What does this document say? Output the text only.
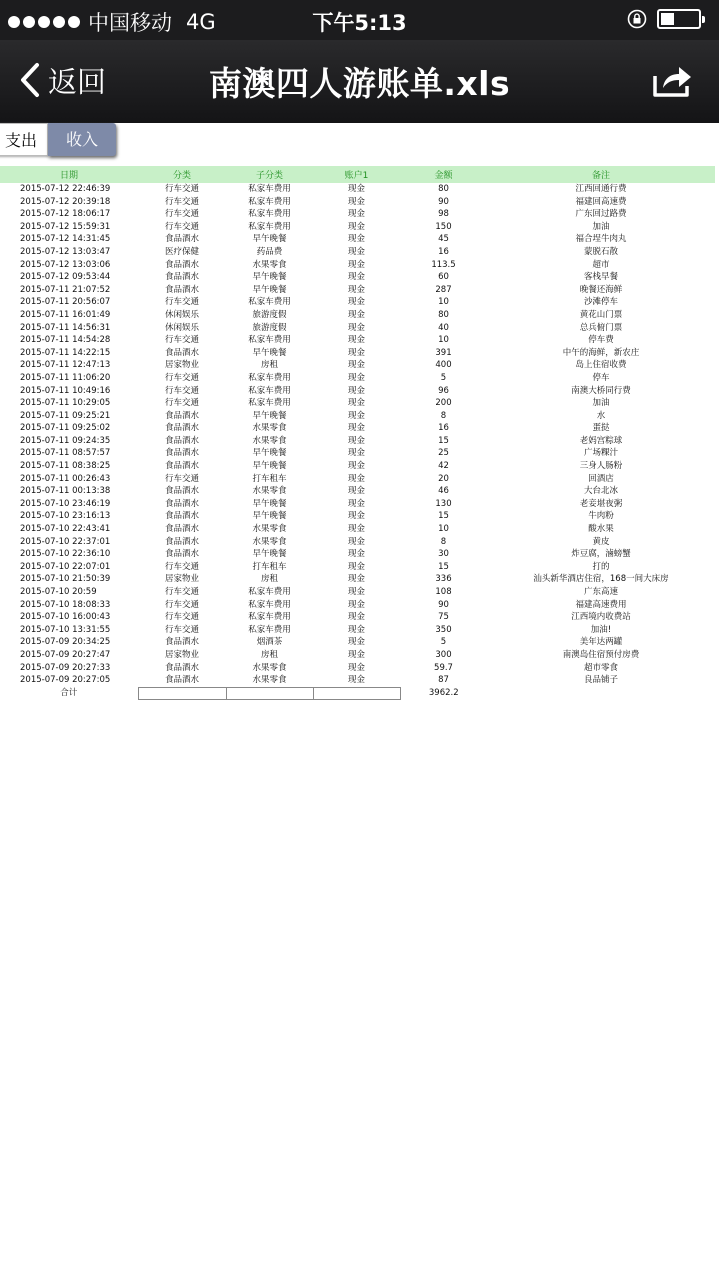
中国移动 4G	下午5:13
返回	南澳四人游账单.xls
支出	收入
日期	分类	子分类	账户1	金额	备注
2015-07-12 22:46:39	行车交通	私家车费用	现金	80	江西回通行费
2015-07-12 20:39:18	行车交通	私家车费用	现金	90	福建回高速费
2015-07-12 18:06:17	行车交通	私家车费用	现金	98	广东回过路费
2015-07-12 15:59:31	行车交通	私家车费用	现金	150	加油
2015-07-12 14:31:45	食品酒水	早午晚餐	现金	45	福合埕牛肉丸
2015-07-12 13:03:47	医疗保健	药品费	现金	16	蒙脱石散
2015-07-12 13:03:06	食品酒水	水果零食	现金	113.5	超市
2015-07-12 09:53:44	食品酒水	早午晚餐	现金	60	客栈早餐
2015-07-11 21:07:52	食品酒水	早午晚餐	现金	287	晚餐还海鲜
2015-07-11 20:56:07	行车交通	私家车费用	现金	10	沙滩停车
2015-07-11 16:01:49	休闲娱乐	旅游度假	现金	80	黄花山门票
2015-07-11 14:56:31	休闲娱乐	旅游度假	现金	40	总兵俯门票
2015-07-11 14:54:28	行车交通	私家车费用	现金	10	停车费
2015-07-11 14:22:15	食品酒水	早午晚餐	现金	391	中午的海鲜，新农庄
2015-07-11 12:47:13	居家物业	房租	现金	400	岛上住宿收费
2015-07-11 11:06:20	行车交通	私家车费用	现金	5	停车
2015-07-11 10:49:16	行车交通	私家车费用	现金	96	南澳大桥同行费
2015-07-11 10:29:05	行车交通	私家车费用	现金	200	加油
2015-07-11 09:25:21	食品酒水	早午晚餐	现金	8	水
2015-07-11 09:25:02	食品酒水	水果零食	现金	16	蛋挞
2015-07-11 09:24:35	食品酒水	水果零食	现金	15	老妈宫粽球
2015-07-11 08:57:57	食品酒水	早午晚餐	现金	25	广场粿汁
2015-07-11 08:38:25	食品酒水	早午晚餐	现金	42	三身人肠粉
2015-07-11 00:26:43	行车交通	打车租车	现金	20	回酒店
2015-07-11 00:13:38	食品酒水	水果零食	现金	46	大台北冰
2015-07-10 23:46:19	食品酒水	早午晚餐	现金	130	老妾堪夜粥
2015-07-10 23:16:13	食品酒水	早午晚餐	现金	15	牛肉粉
2015-07-10 22:43:41	食品酒水	水果零食	现金	10	酸水果
2015-07-10 22:37:01	食品酒水	水果零食	现金	8	黄皮
2015-07-10 22:36:10	食品酒水	早午晚餐	现金	30	炸豆腐，滷螃蟹
2015-07-10 22:07:01	行车交通	打车租车	现金	15	打的
2015-07-10 21:50:39	居家物业	房租	现金	336	汕头新华酒店住宿，168一间大床房
2015-07-10 20:59	行车交通	私家车费用	现金	108	广东高速
2015-07-10 18:08:33	行车交通	私家车费用	现金	90	福建高速费用
2015-07-10 16:00:43	行车交通	私家车费用	现金	75	江西境内收费站
2015-07-10 13:31:55	行车交通	私家车费用	现金	350	加油!
2015-07-09 20:34:25	食品酒水	烟酒茶	现金	5	美年达两罐
2015-07-09 20:27:47	居家物业	房租	现金	300	南澳岛住宿预付房费
2015-07-09 20:27:33	食品酒水	水果零食	现金	59.7	超市零食
2015-07-09 20:27:05	食品酒水	水果零食	现金	87	良品铺子
合计				3962.2	
